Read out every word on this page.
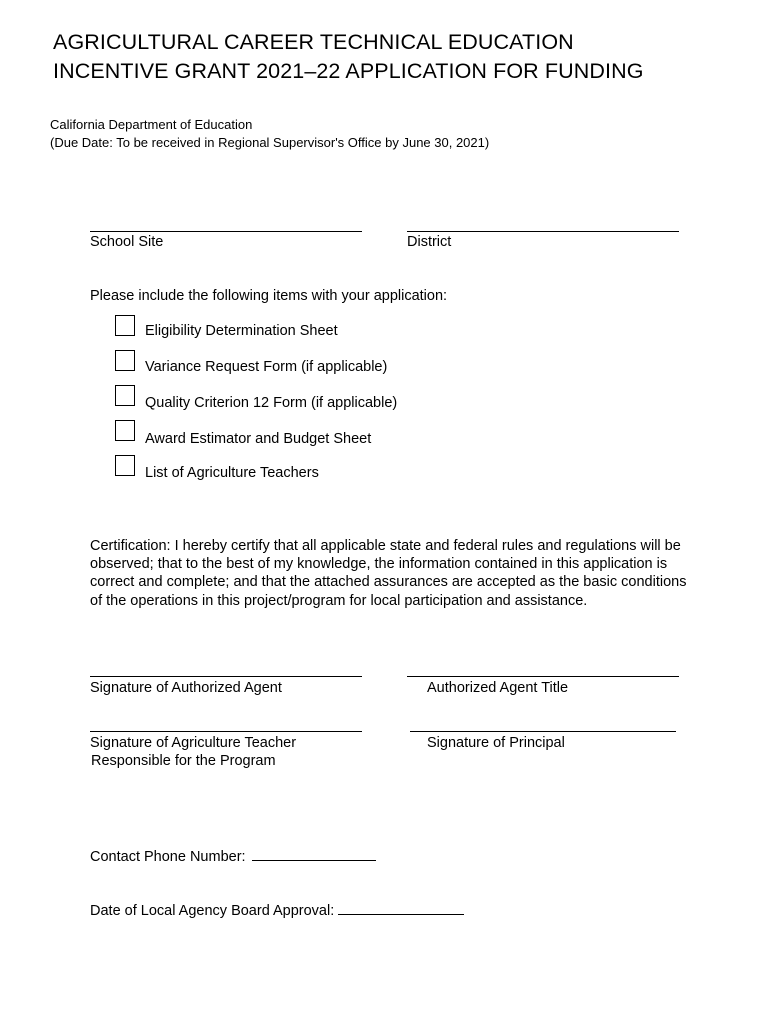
AGRICULTURAL CAREER TECHNICAL EDUCATION
INCENTIVE GRANT 2021–22 APPLICATION FOR FUNDING
California Department of Education
(Due Date: To be received in Regional Supervisor's Office by June 30, 2021)
School Site	District
Please include the following items with your application:
Eligibility Determination Sheet
Variance Request Form (if applicable)
Quality Criterion 12 Form (if applicable)
Award Estimator and Budget Sheet
List of Agriculture Teachers
Certification: I hereby certify that all applicable state and federal rules and regulations will be observed; that to the best of my knowledge, the information contained in this application is correct and complete; and that the attached assurances are accepted as the basic conditions of the operations in this project/program for local participation and assistance.
Signature of Authorized Agent	Authorized Agent Title
Signature of Agriculture Teacher
Responsible for the Program
Signature of Principal
Contact Phone Number:
Date of Local Agency Board Approval:
